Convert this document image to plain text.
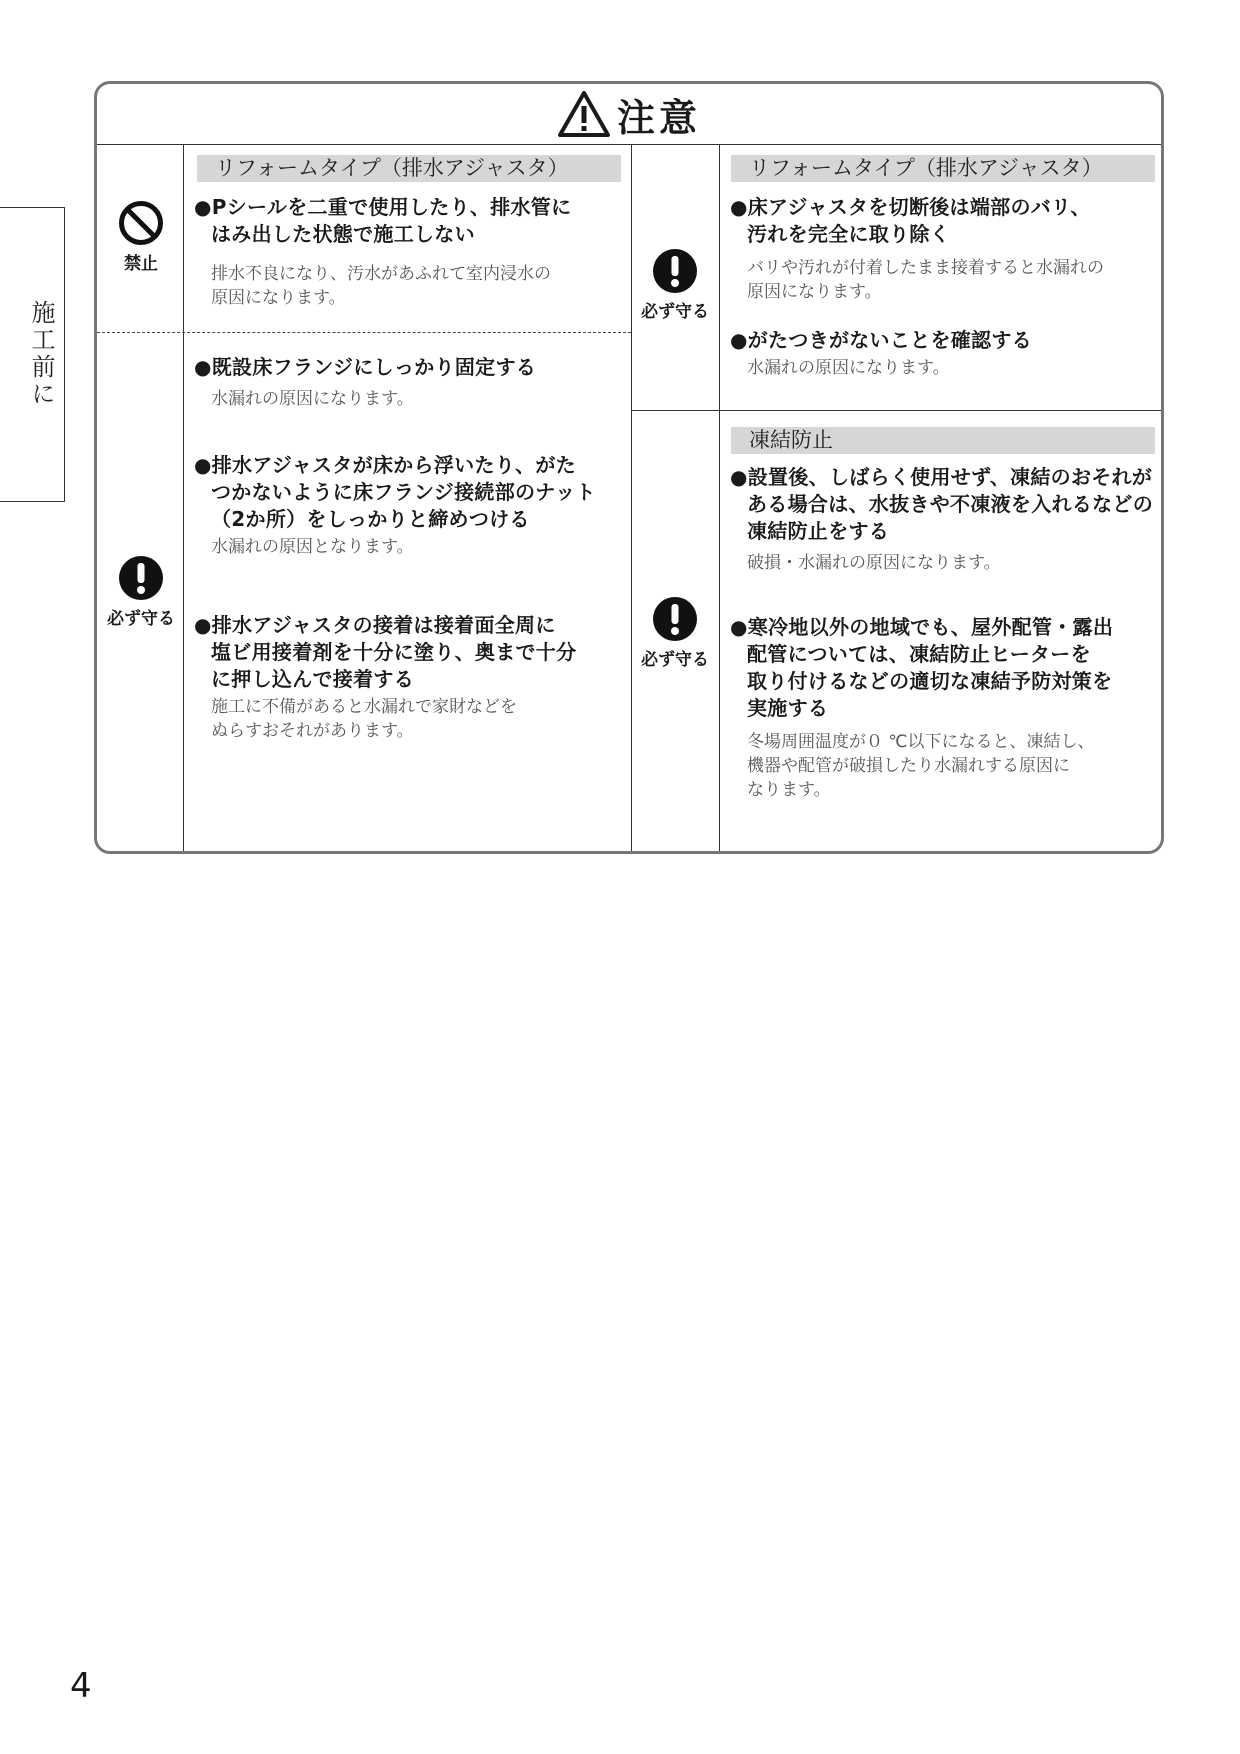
施工前に
注意
禁止
リフォームタイプ（排水アジャスタ）
●Pシールを二重で使用したり、排水管に
はみ出した状態で施工しない
排水不良になり、汚水があふれて室内浸水の
原因になります。
必ず守る
●既設床フランジにしっかり固定する
水漏れの原因になります。
●排水アジャスタが床から浮いたり、がた
つかないように床フランジ接続部のナット
（2か所）をしっかりと締めつける
水漏れの原因となります。
●排水アジャスタの接着は接着面全周に
塩ビ用接着剤を十分に塗り、奥まで十分
に押し込んで接着する
施工に不備があると水漏れで家財などを
ぬらすおそれがあります。
必ず守る
リフォームタイプ（排水アジャスタ）
●床アジャスタを切断後は端部のバリ、
汚れを完全に取り除く
バリや汚れが付着したまま接着すると水漏れの
原因になります。
●がたつきがないことを確認する
水漏れの原因になります。
必ず守る
凍結防止
●設置後、しばらく使用せず、凍結のおそれが
ある場合は、水抜きや不凍液を入れるなどの
凍結防止をする
破損・水漏れの原因になります。
●寒冷地以外の地域でも、屋外配管・露出
配管については、凍結防止ヒーターを
取り付けるなどの適切な凍結予防対策を
実施する
冬場周囲温度が０ ℃以下になると、凍結し、
機器や配管が破損したり水漏れする原因に
なります。
4
